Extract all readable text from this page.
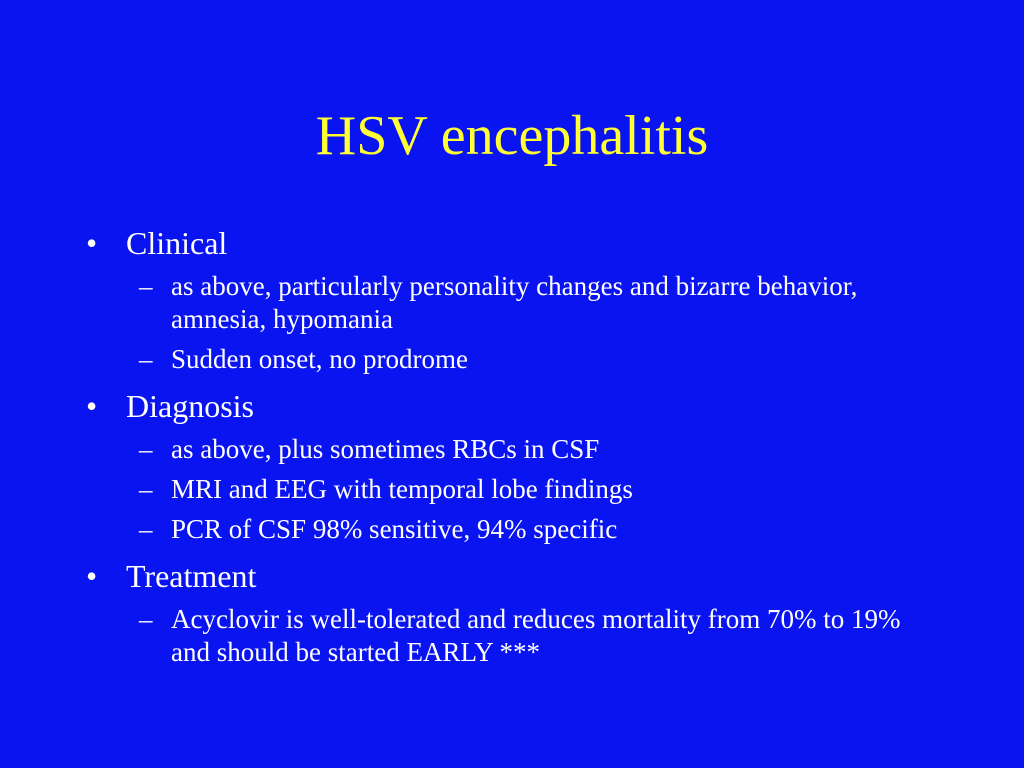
HSV encephalitis
• Clinical
– as above, particularly personality changes and bizarre behavior, amnesia, hypomania
– Sudden onset, no prodrome
• Diagnosis
– as above, plus sometimes RBCs in CSF
– MRI and EEG with temporal lobe findings
– PCR of CSF 98% sensitive, 94% specific
• Treatment
– Acyclovir is well-tolerated and reduces mortality from 70% to 19% and should be started EARLY ***
